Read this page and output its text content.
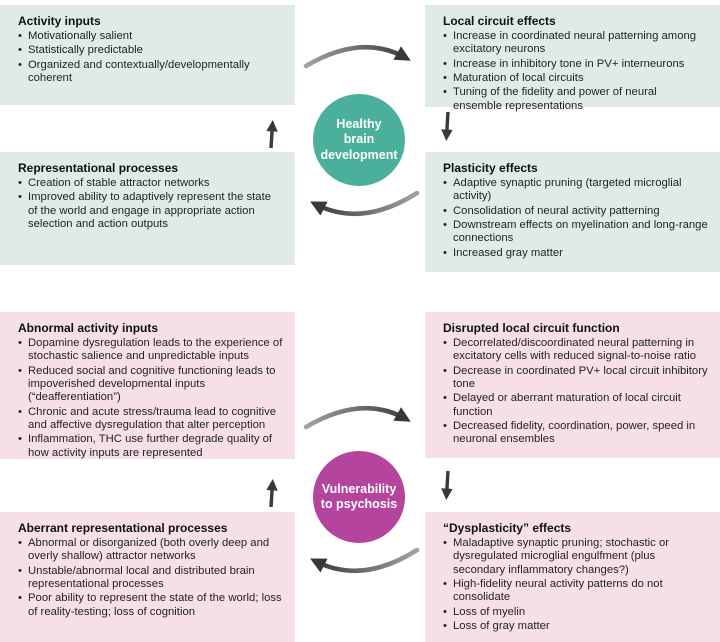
Activity inputs
• Motivationally salient
• Statistically predictable
• Organized and contextually/developmentally coherent
Local circuit effects
• Increase in coordinated neural patterning among excitatory neurons
• Increase in inhibitory tone in PV+ interneurons
• Maturation of local circuits
• Tuning of the fidelity and power of neural ensemble representations
Representational processes
• Creation of stable attractor networks
• Improved ability to adaptively represent the state of the world and engage in appropriate action selection and action outputs
Plasticity effects
• Adaptive synaptic pruning (targeted microglial activity)
• Consolidation of neural activity patterning
• Downstream effects on myelination and long-range connections
• Increased gray matter
Abnormal activity inputs
• Dopamine dysregulation leads to the experience of stochastic salience and unpredictable inputs
• Reduced social and cognitive functioning leads to impoverished developmental inputs (“deafferentiation”)
• Chronic and acute stress/trauma lead to cognitive and affective dysregulation that alter perception
• Inflammation, THC use further degrade quality of how activity inputs are represented
Disrupted local circuit function
• Decorrelated/discoordinated neural patterning in excitatory cells with reduced signal-to-noise ratio
• Decrease in coordinated PV+ local circuit inhibitory tone
• Delayed or aberrant maturation of local circuit function
• Decreased fidelity, coordination, power, speed in neuronal ensembles
Aberrant representational processes
• Abnormal or disorganized (both overly deep and overly shallow) attractor networks
• Unstable/abnormal local and distributed brain representational processes
• Poor ability to represent the state of the world; loss of reality-testing; loss of cognition
“Dysplasticity” effects
• Maladaptive synaptic pruning; stochastic or dysregulated microglial engulfment (plus secondary inflammatory changes?)
• High-fidelity neural activity patterns do not consolidate
• Loss of myelin
• Loss of gray matter
Healthy
brain
development
Vulnerability
to psychosis
